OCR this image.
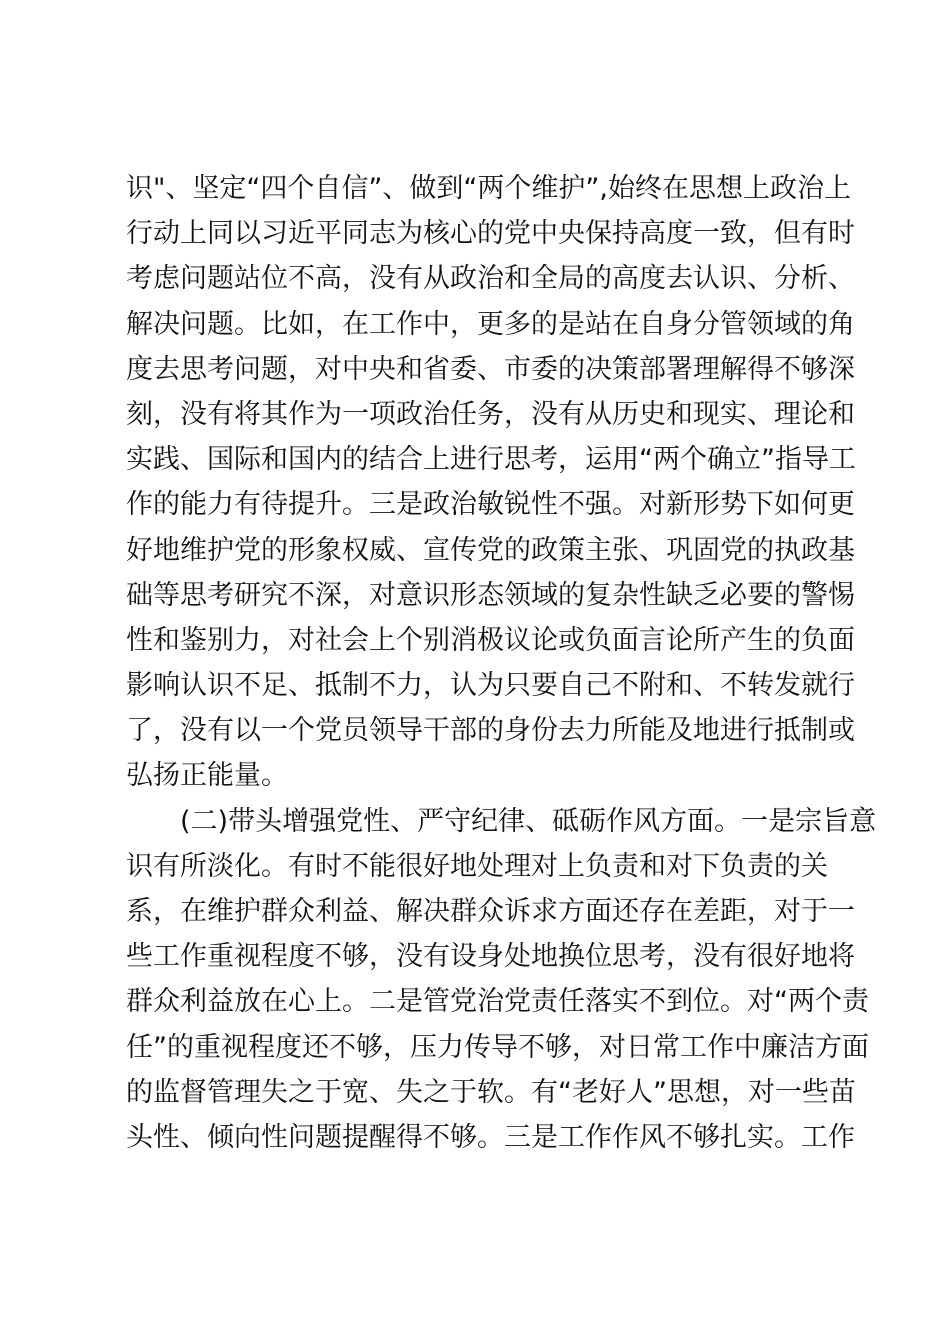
识"、坚定“四个自信”、做到“两个维护”,始终在思想上政治上
行动上同以习近平同志为核心的党中央保持高度一致，但有时
考虑问题站位不高，没有从政治和全局的高度去认识、分析、
解决问题。比如，在工作中，更多的是站在自身分管领域的角
度去思考问题，对中央和省委、市委的决策部署理解得不够深
刻，没有将其作为一项政治任务，没有从历史和现实、理论和
实践、国际和国内的结合上进行思考，运用“两个确立”指导工
作的能力有待提升。三是政治敏锐性不强。对新形势下如何更
好地维护党的形象权威、宣传党的政策主张、巩固党的执政基
础等思考研究不深，对意识形态领域的复杂性缺乏必要的警惕
性和鉴别力，对社会上个别消极议论或负面言论所产生的负面
影响认识不足、抵制不力，认为只要自己不附和、不转发就行
了，没有以一个党员领导干部的身份去力所能及地进行抵制或
弘扬正能量。
(二)带头增强党性、严守纪律、砥砺作风方面。一是宗旨意
识有所淡化。有时不能很好地处理对上负责和对下负责的关
系，在维护群众利益、解决群众诉求方面还存在差距，对于一
些工作重视程度不够，没有设身处地换位思考，没有很好地将
群众利益放在心上。二是管党治党责任落实不到位。对“两个责
任”的重视程度还不够，压力传导不够，对日常工作中廉洁方面
的监督管理失之于宽、失之于软。有“老好人”思想，对一些苗
头性、倾向性问题提醒得不够。三是工作作风不够扎实。工作
